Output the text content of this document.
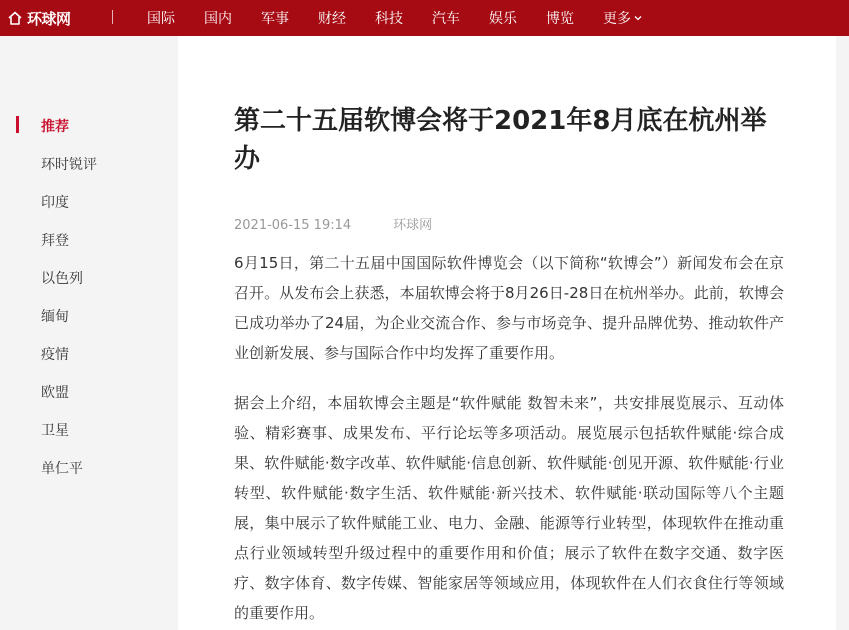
环球网	国际 国内 军事 财经 科技 汽车 娱乐 博览 更多
推荐
环时锐评
印度
拜登
以色列
缅甸
疫情
欧盟
卫星
单仁平
第二十五届软博会将于2021年8月底在杭州举办
2021-06-15 19:14	环球网

6月15日，第二十五届中国国际软件博览会（以下简称“软博会”）新闻发布会在京召开。从发布会上获悉，本届软博会将于8月26日-28日在杭州举办。此前，软博会已成功举办了24届，为企业交流合作、参与市场竞争、提升品牌优势、推动软件产业创新发展、参与国际合作中均发挥了重要作用。

据会上介绍，本届软博会主题是“软件赋能 数智未来”，共安排展览展示、互动体验、精彩赛事、成果发布、平行论坛等多项活动。展览展示包括软件赋能·综合成果、软件赋能·数字改革、软件赋能·信息创新、软件赋能·创见开源、软件赋能·行业转型、软件赋能·数字生活、软件赋能·新兴技术、软件赋能·联动国际等八个主题展，集中展示了软件赋能工业、电力、金融、能源等行业转型，体现软件在推动重点行业领域转型升级过程中的重要作用和价值；展示了软件在数字交通、数字医疗、数字体育、数字传媒、智能家居等领域应用，体现软件在人们衣食住行等领域的重要作用。
